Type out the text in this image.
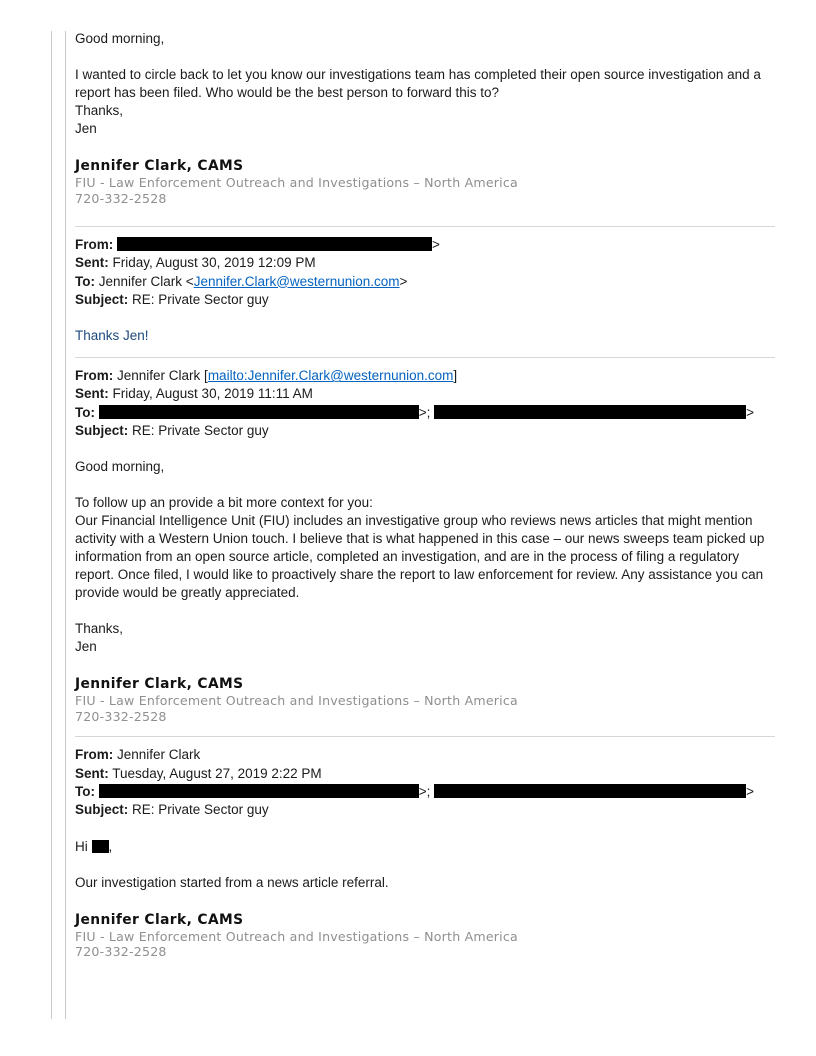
Good morning,

I wanted to circle back to let you know our investigations team has completed their open source investigation and a

report has been filed. Who would be the best person to forward this to?

Thanks,

Jen

Jennifer Clark, CAMS

FIU - Law Enforcement Outreach and Investigations – North America

720-332-2528

From:	>

Sent: Friday, August 30, 2019 12:09 PM

To: Jennifer Clark <Jennifer.Clark@westernunion.com>

Subject: RE: Private Sector guy

Thanks Jen!

From: Jennifer Clark [mailto:Jennifer.Clark@westernunion.com]

Sent: Friday, August 30, 2019 11:11 AM

To:	>;	>

Subject: RE: Private Sector guy

Good morning,

To follow up an provide a bit more context for you:

Our Financial Intelligence Unit (FIU) includes an investigative group who reviews news articles that might mention

activity with a Western Union touch. I believe that is what happened in this case – our news sweeps team picked up

information from an open source article, completed an investigation, and are in the process of filing a regulatory

report. Once filed, I would like to proactively share the report to law enforcement for review. Any assistance you can

provide would be greatly appreciated.

Thanks,

Jen

Jennifer Clark, CAMS

FIU - Law Enforcement Outreach and Investigations – North America

720-332-2528

From: Jennifer Clark

Sent: Tuesday, August 27, 2019 2:22 PM

To:	>;	>

Subject: RE: Private Sector guy

Hi ,

Our investigation started from a news article referral.

Jennifer Clark, CAMS

FIU - Law Enforcement Outreach and Investigations – North America

720-332-2528
